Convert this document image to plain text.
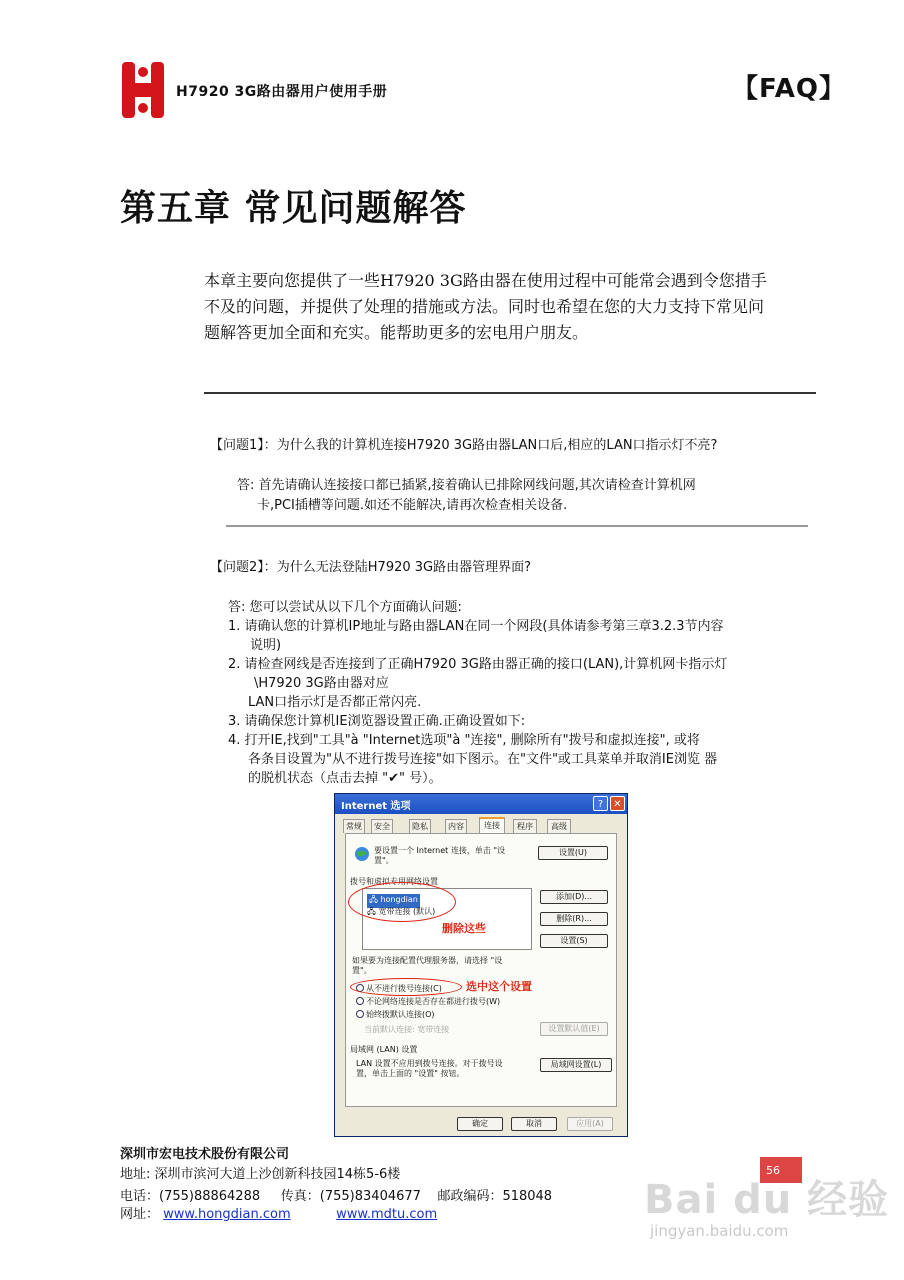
H7920 3G路由器用户使用手册	【FAQ】
第五章 常见问题解答
本章主要向您提供了一些H7920 3G路由器在使用过程中可能常会遇到令您措手
不及的问题，并提供了处理的措施或方法。同时也希望在您的大力支持下常见问
题解答更加全面和充实。能帮助更多的宏电用户朋友。
【问题1】：为什么我的计算机连接H7920 3G路由器LAN口后,相应的LAN口指示灯不亮?
答: 首先请确认连接接口都已插紧,接着确认已排除网线问题,其次请检查计算机网
卡,PCI插槽等问题.如还不能解决,请再次检查相关设备.
【问题2】：为什么无法登陆H7920 3G路由器管理界面?
答: 您可以尝试从以下几个方面确认问题:
1. 请确认您的计算机IP地址与路由器LAN在同一个网段(具体请参考第三章3.2.3节内容
说明)
2. 请检查网线是否连接到了正确H7920 3G路由器正确的接口(LAN),计算机网卡指示灯
\H7920 3G路由器对应
LAN口指示灯是否都正常闪亮.
3. 请确保您计算机IE浏览器设置正确.正确设置如下:
4. 打开IE,找到"工具"à "Internet选项"à "连接", 删除所有"拨号和虚拟连接", 或将
各条目设置为"从不进行拨号连接"如下图示。在"文件"或工具菜单并取消IE浏览 器
的脱机状态（点击去掉 "✔" 号）。
Internet 选项	?	✕
常规	安全	隐私	内容	连接	程序	高级
要设置一个 Internet 连接，单击 "设置"。
设置(U)
拨号和虚拟专用网络设置
🖧 hongdian
🖧 宽带连接 (默认)
删除这些
添加(D)...
删除(R)...
设置(S)
如果要为连接配置代理服务器，请选择 "设置"。
从不进行拨号连接(C) 选中这个设置
不论网络连接是否存在都进行拨号(W)
始终拨默认连接(O)
当前默认连接: 宽带连接	设置默认值(E)
局域网 (LAN) 设置
LAN 设置不应用到拨号连接。对于拨号设
置，单击上面的 "设置" 按钮。
局域网设置(L)
确定	取消	应用(A)
深圳市宏电技术股份有限公司
地址: 深圳市滨河大道上沙创新科技园14栋5-6楼
电话：(755)88864288 传真：(755)83404677 邮政编码：518048
网址： www.hongdian.com	www.mdtu.com
56
Bai du 经验
jingyan.baidu.com
